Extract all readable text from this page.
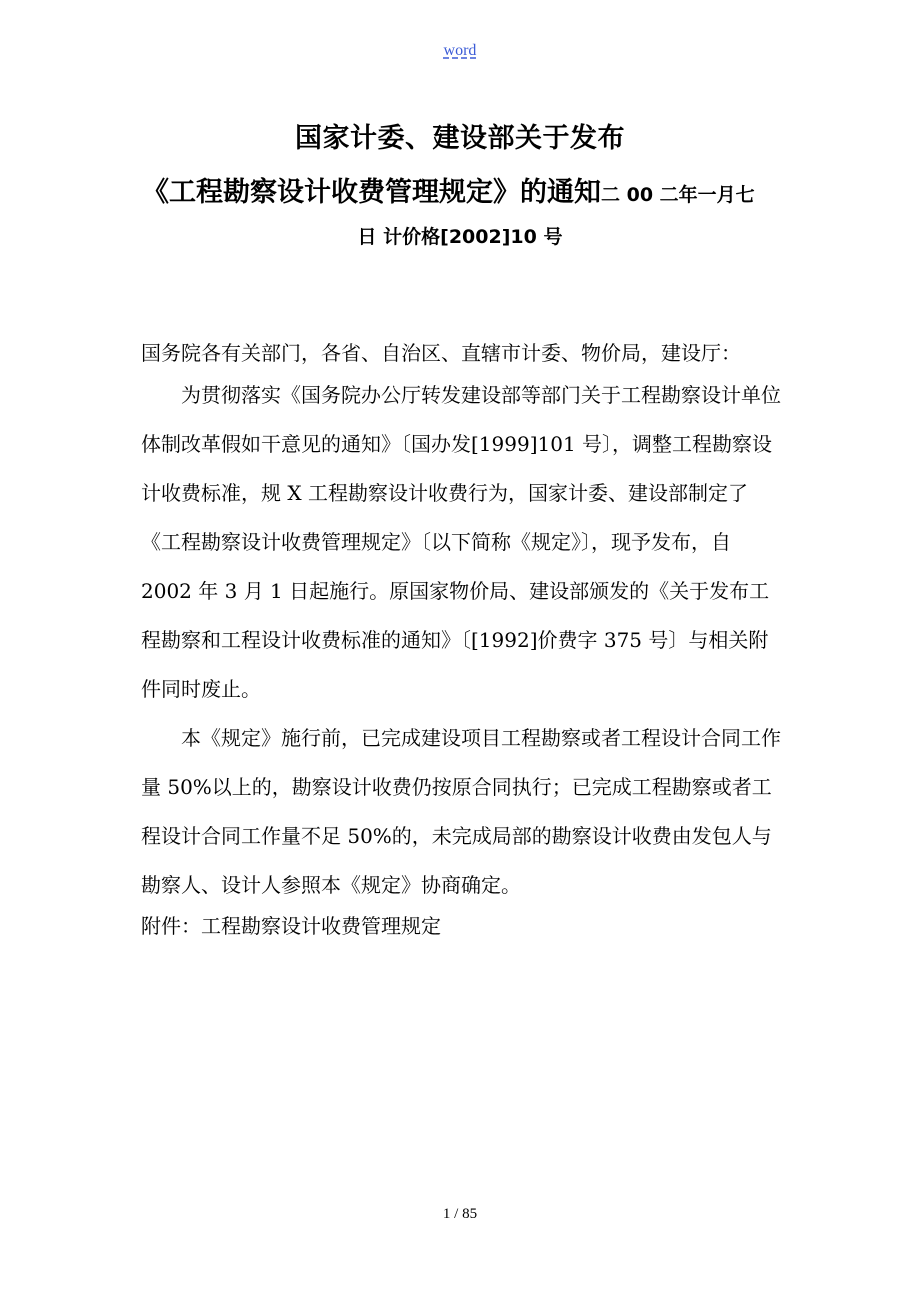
word
国家计委、建设部关于发布
《工程勘察设计收费管理规定》的通知二 00 二年一月七
日 计价格[2002]10 号
国务院各有关部门，各省、自治区、直辖市计委、物价局，建设厅：
为贯彻落实《国务院办公厅转发建设部等部门关于工程勘察设计单位体制改革假如干意见的通知》〔国办发[1999]101 号〕，调整工程勘察设计收费标准，规 X 工程勘察设计收费行为，国家计委、建设部制定了《工程勘察设计收费管理规定》〔以下简称《规定》〕，现予发布，自 2002 年 3 月 1 日起施行。原国家物价局、建设部颁发的《关于发布工程勘察和工程设计收费标准的通知》〔[1992]价费字 375 号〕与相关附件同时废止。
本《规定》施行前，已完成建设项目工程勘察或者工程设计合同工作量 50%以上的，勘察设计收费仍按原合同执行；已完成工程勘察或者工程设计合同工作量不足 50%的，未完成局部的勘察设计收费由发包人与勘察人、设计人参照本《规定》协商确定。
附件：工程勘察设计收费管理规定
1 / 85
